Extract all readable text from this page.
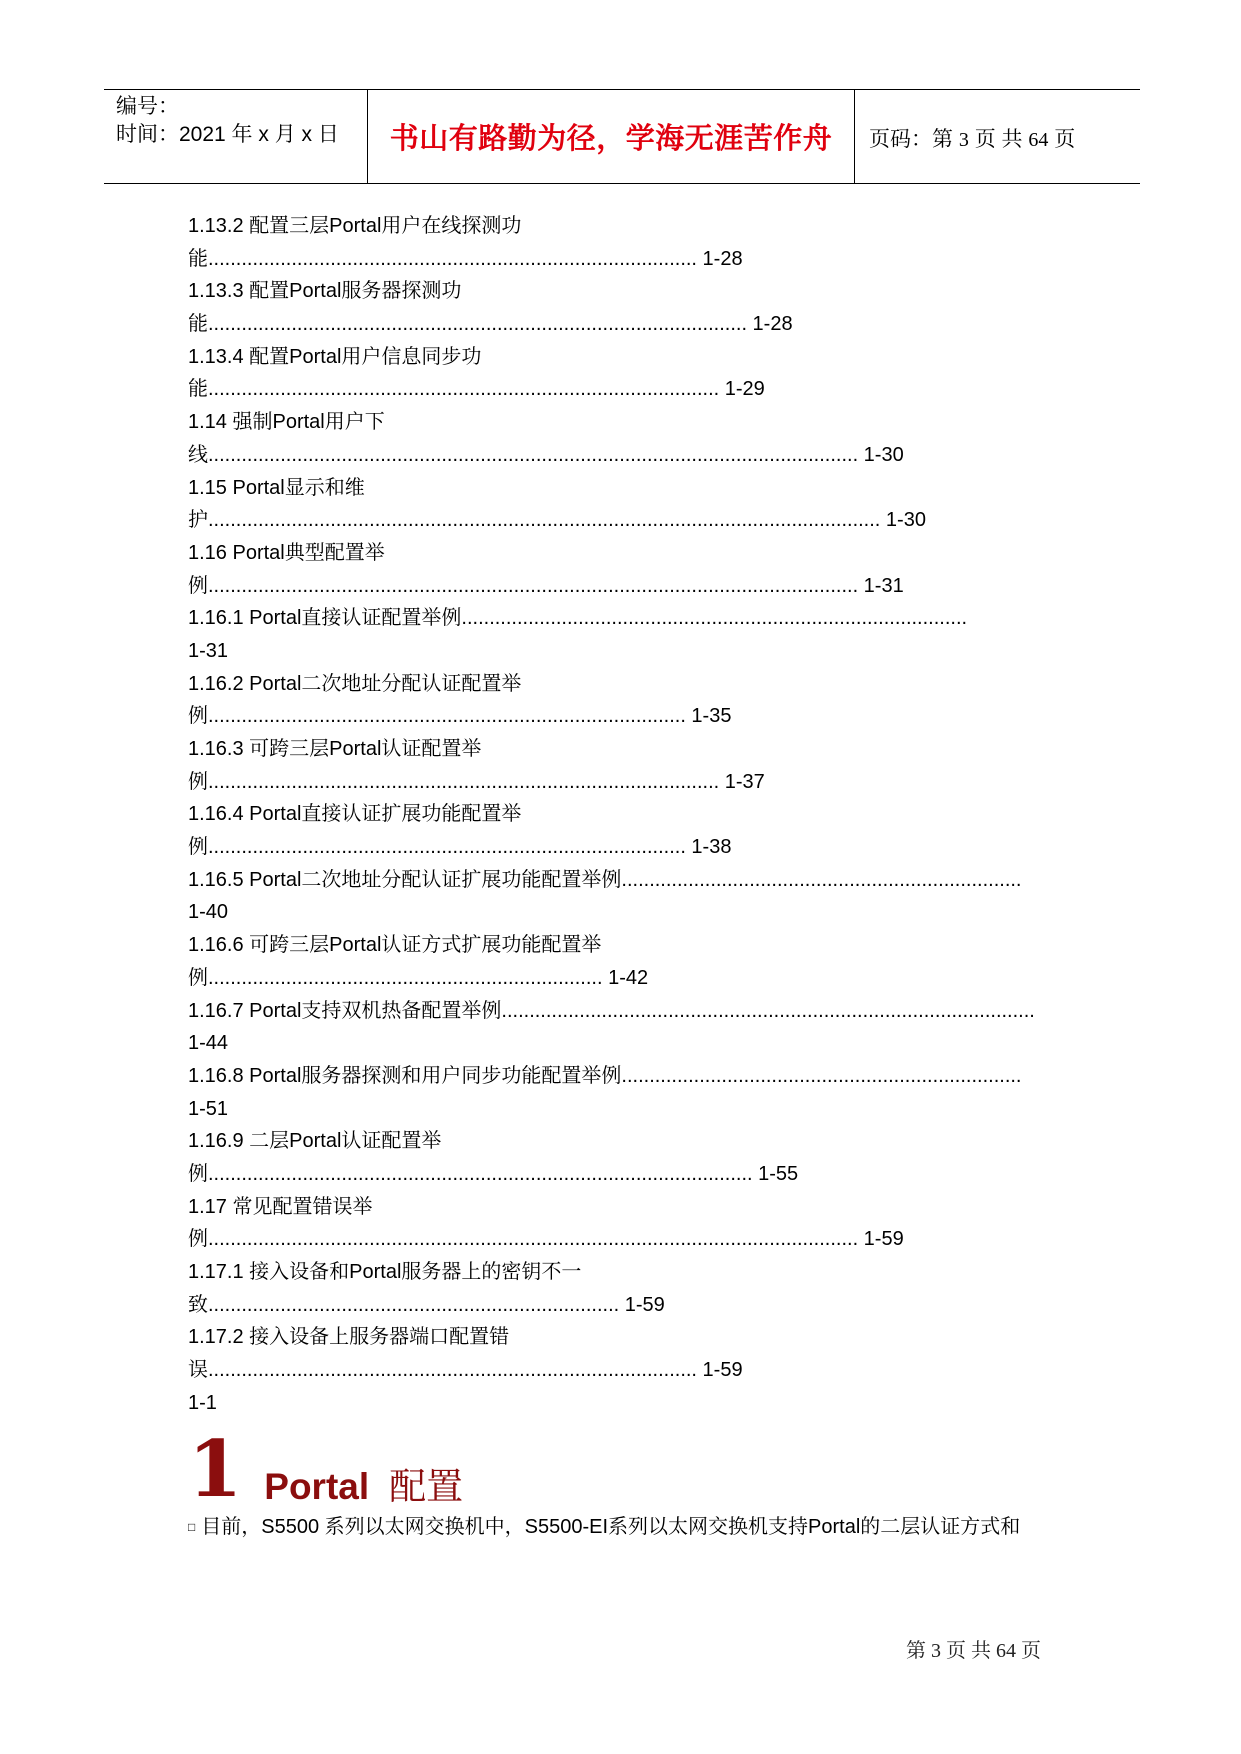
编号：
时间：2021 年 x 月 x 日	书山有路勤为径，学海无涯苦作舟	页码：第 3 页 共 64 页
1.13.2 配置三层Portal用户在线探测功
能........................................................................................ 1-28
1.13.3 配置Portal服务器探测功
能................................................................................................. 1-28
1.13.4 配置Portal用户信息同步功
能............................................................................................ 1-29
1.14 强制Portal用户下
线..................................................................................................................... 1-30
1.15 Portal显示和维
护......................................................................................................................... 1-30
1.16 Portal典型配置举
例..................................................................................................................... 1-31
1.16.1 Portal直接认证配置举例...........................................................................................
1-31
1.16.2 Portal二次地址分配认证配置举
例...................................................................................... 1-35
1.16.3 可跨三层Portal认证配置举
例............................................................................................ 1-37
1.16.4 Portal直接认证扩展功能配置举
例...................................................................................... 1-38
1.16.5 Portal二次地址分配认证扩展功能配置举例........................................................................
1-40
1.16.6 可跨三层Portal认证方式扩展功能配置举
例....................................................................... 1-42
1.16.7 Portal支持双机热备配置举例................................................................................................
1-44
1.16.8 Portal服务器探测和用户同步功能配置举例........................................................................
1-51
1.16.9 二层Portal认证配置举
例.................................................................................................. 1-55
1.17 常见配置错误举
例..................................................................................................................... 1-59
1.17.1 接入设备和Portal服务器上的密钥不一
致.......................................................................... 1-59
1.17.2 接入设备上服务器端口配置错
误........................................................................................ 1-59
1-1
1 Portal 配置
□ 目前，S5500 系列以太网交换机中，S5500-EI系列以太网交换机支持Portal的二层认证方式和
第 3 页 共 64 页
